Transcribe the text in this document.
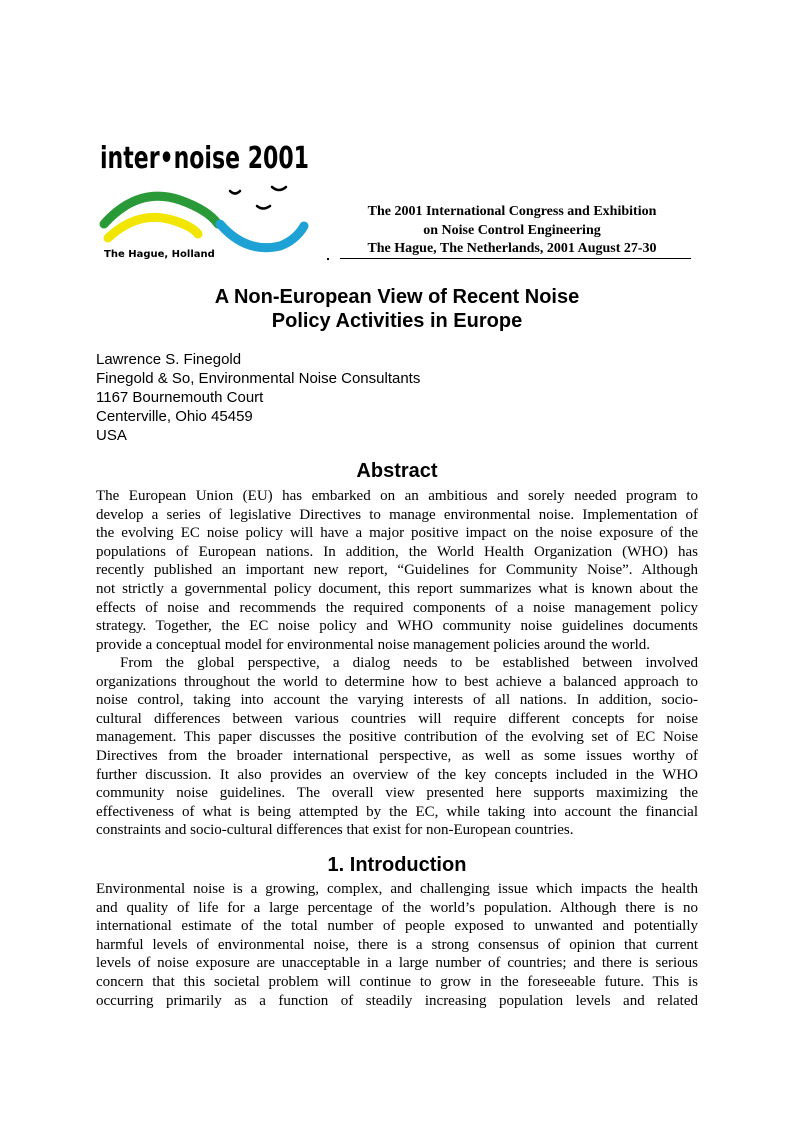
inter•noise 2001
The Hague, Holland
The 2001 International Congress and Exhibition
on Noise Control Engineering
The Hague, The Netherlands, 2001 August 27-30
A Non-European View of Recent Noise
Policy Activities in Europe
Lawrence S. Finegold
Finegold & So, Environmental Noise Consultants
1167 Bournemouth Court
Centerville, Ohio 45459
USA
Abstract
The European Union (EU) has embarked on an ambitious and sorely needed program to
develop a series of legislative Directives to manage environmental noise. Implementation of
the evolving EC noise policy will have a major positive impact on the noise exposure of the
populations of European nations. In addition, the World Health Organization (WHO) has
recently published an important new report, “Guidelines for Community Noise”. Although
not strictly a governmental policy document, this report summarizes what is known about the
effects of noise and recommends the required components of a noise management policy
strategy. Together, the EC noise policy and WHO community noise guidelines documents
provide a conceptual model for environmental noise management policies around the world.
From the global perspective, a dialog needs to be established between involved
organizations throughout the world to determine how to best achieve a balanced approach to
noise control, taking into account the varying interests of all nations. In addition, socio-
cultural differences between various countries will require different concepts for noise
management. This paper discusses the positive contribution of the evolving set of EC Noise
Directives from the broader international perspective, as well as some issues worthy of
further discussion. It also provides an overview of the key concepts included in the WHO
community noise guidelines. The overall view presented here supports maximizing the
effectiveness of what is being attempted by the EC, while taking into account the financial
constraints and socio-cultural differences that exist for non-European countries.
1. Introduction
Environmental noise is a growing, complex, and challenging issue which impacts the health
and quality of life for a large percentage of the world’s population. Although there is no
international estimate of the total number of people exposed to unwanted and potentially
harmful levels of environmental noise, there is a strong consensus of opinion that current
levels of noise exposure are unacceptable in a large number of countries; and there is serious
concern that this societal problem will continue to grow in the foreseeable future. This is
occurring primarily as a function of steadily increasing population levels and related
